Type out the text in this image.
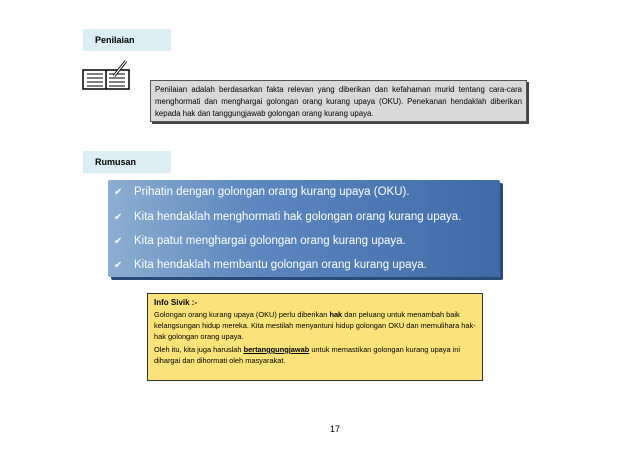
Penilaian
Penilaian adalah berdasarkan fakta relevan yang diberikan dan kefahaman murid tentang cara-cara menghormati dan menghargai golongan orang kurang upaya (OKU). Penekanan hendaklah diberikan kepada hak dan tanggungjawab golongan orang kurang upaya.
Rumusan
✔	Prihatin dengan golongan orang kurang upaya (OKU).
✔	Kita hendaklah menghormati hak golongan orang kurang upaya.
✔	Kita patut menghargai golongan orang kurang upaya.
✔	Kita hendaklah membantu golongan orang kurang upaya.
Info Sivik :-
Golongan orang kurang upaya (OKU) perlu diberikan hak dan peluang untuk menambah baik kelangsungan hidup mereka. Kita mestilah menyantuni hidup golongan OKU dan memulihara hak-hak golongan orang upaya.
Oleh itu, kita juga haruslah bertanggungjawab untuk memastikan golongan kurang upaya ini dihargai dan dihormati oleh masyarakat.
17
